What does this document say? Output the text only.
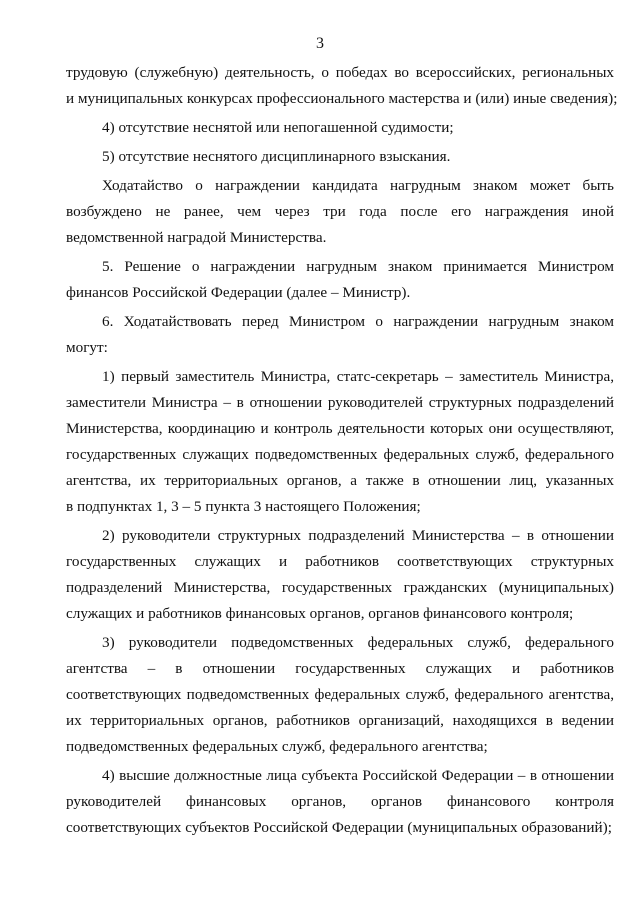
3
трудовую (служебную) деятельность, о победах во всероссийских, региональных
и муниципальных конкурсах профессионального мастерства и (или) иные сведения);
4) отсутствие неснятой или непогашенной судимости;
5) отсутствие неснятого дисциплинарного взыскания.
Ходатайство о награждении кандидата нагрудным знаком может быть
возбуждено не ранее, чем через три года после его награждения иной
ведомственной наградой Министерства.
5. Решение о награждении нагрудным знаком принимается Министром
финансов Российской Федерации (далее – Министр).
6. Ходатайствовать перед Министром о награждении нагрудным знаком
могут:
1) первый заместитель Министра, статс-секретарь – заместитель Министра,
заместители Министра – в отношении руководителей структурных подразделений
Министерства, координацию и контроль деятельности которых они осуществляют,
государственных служащих подведомственных федеральных служб, федерального
агентства, их территориальных органов, а также в отношении лиц, указанных
в подпунктах 1, 3 – 5 пункта 3 настоящего Положения;
2) руководители структурных подразделений Министерства – в отношении
государственных служащих и работников соответствующих структурных
подразделений Министерства, государственных гражданских (муниципальных)
служащих и работников финансовых органов, органов финансового контроля;
3) руководители подведомственных федеральных служб, федерального
агентства – в отношении государственных служащих и работников
соответствующих подведомственных федеральных служб, федерального агентства,
их территориальных органов, работников организаций, находящихся в ведении
подведомственных федеральных служб, федерального агентства;
4) высшие должностные лица субъекта Российской Федерации – в отношении
руководителей финансовых органов, органов финансового контроля
соответствующих субъектов Российской Федерации (муниципальных образований);
